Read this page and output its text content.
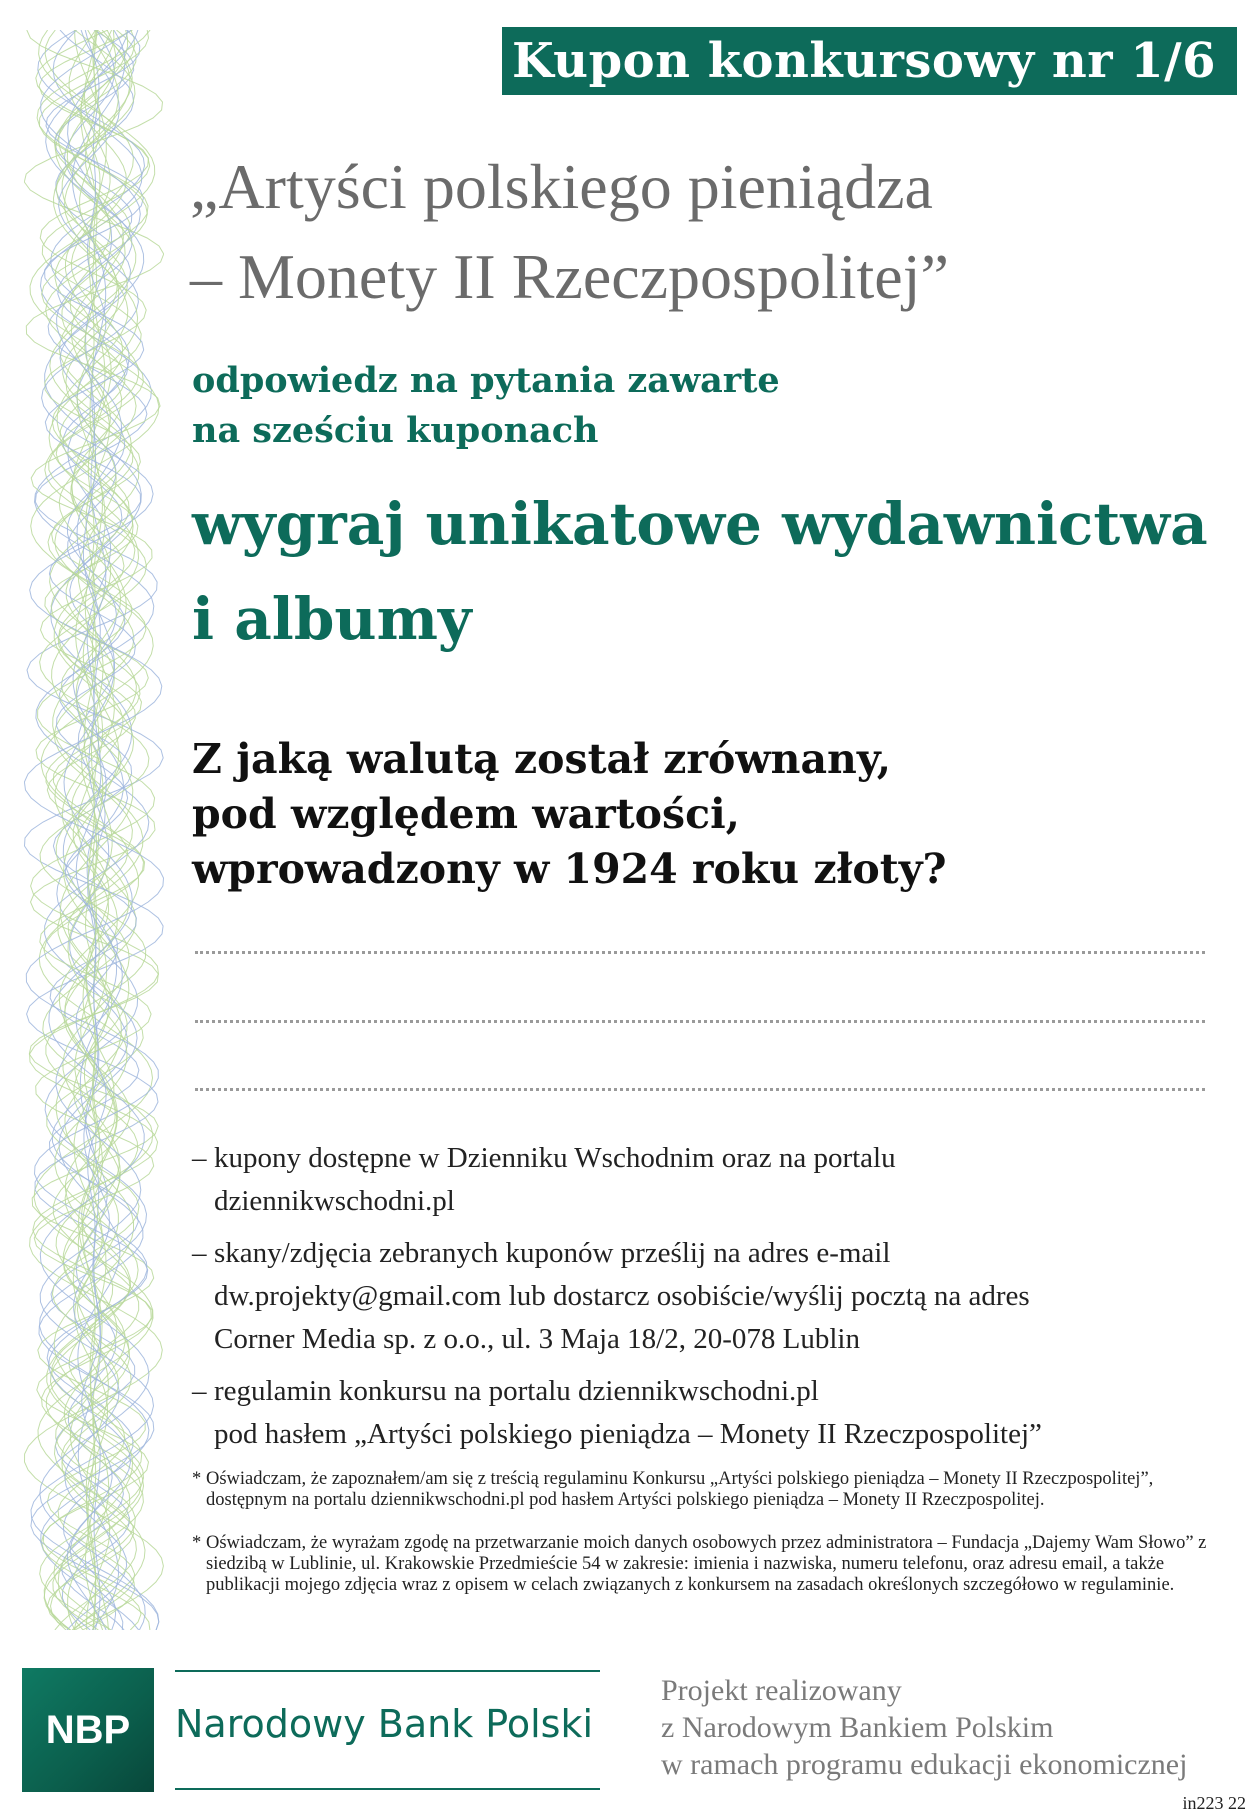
Kupon konkursowy nr 1/6
„Artyści polskiego pieniądza
– Monety II Rzeczpospolitej”
odpowiedz na pytania zawarte
na sześciu kuponach
wygraj unikatowe wydawnictwa
i albumy
Z jaką walutą został zrównany,
pod względem wartości,
wprowadzony w 1924 roku złoty?
– kupony dostępne w Dzienniku Wschodnim oraz na portalu
dziennikwschodni.pl
– skany/zdjęcia zebranych kuponów prześlij na adres e-mail
dw.projekty@gmail.com lub dostarcz osobiście/wyślij pocztą na adres
Corner Media sp. z o.o., ul. 3 Maja 18/2, 20-078 Lublin
– regulamin konkursu na portalu dziennikwschodni.pl
pod hasłem „Artyści polskiego pieniądza – Monety II Rzeczpospolitej”
* Oświadczam, że zapoznałem/am się z treścią regulaminu Konkursu „Artyści polskiego pieniądza – Monety II Rzeczpospolitej”, dostępnym na portalu dziennikwschodni.pl pod hasłem Artyści polskiego pieniądza – Monety II Rzeczpospolitej.
* Oświadczam, że wyrażam zgodę na przetwarzanie moich danych osobowych przez administratora – Fundacja „Dajemy Wam Słowo” z siedzibą w Lublinie, ul. Krakowskie Przedmieście 54 w zakresie: imienia i nazwiska, numeru telefonu, oraz adresu email, a także publikacji mojego zdjęcia wraz z opisem w celach związanych z konkursem na zasadach określonych szczegółowo w regulaminie.
NBP Narodowy Bank Polski
Projekt realizowany
z Narodowym Bankiem Polskim
w ramach programu edukacji ekonomicznej
in223 22
